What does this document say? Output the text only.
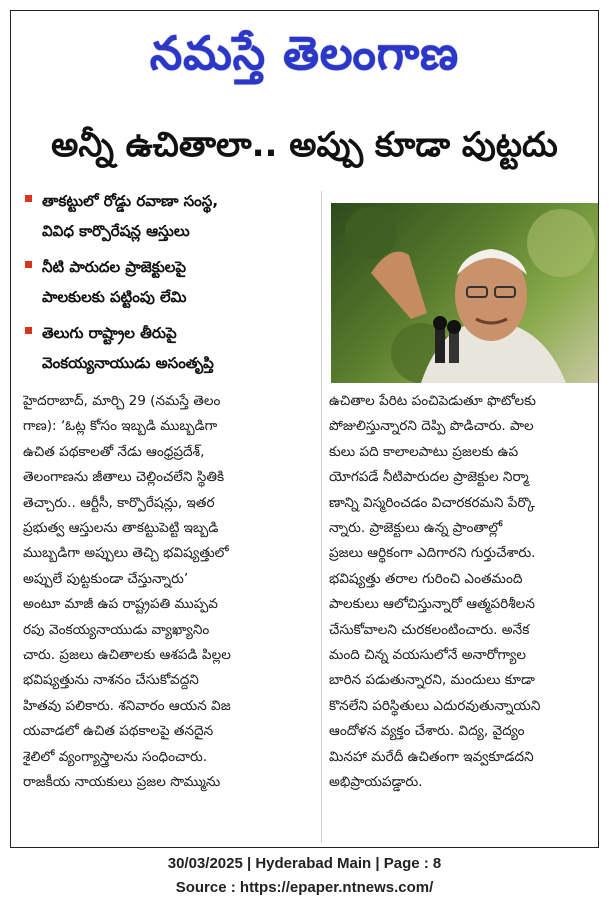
నమస్తే తెలంగాణ
అన్నీ ఉచితాలా.. అప్పు కూడా పుట్టదు
తాకట్టులో రోడ్డు రవాణా సంస్థ,
వివిధ కార్పొరేషన్ల ఆస్తులు
నీటి పారుదల ప్రాజెక్టులపై
పాలకులకు పట్టింపు లేమి
తెలుగు రాష్ట్రాల తీరుపై
వెంకయ్యనాయుడు అసంతృప్తి
హైదరాబాద్, మార్చి 29 (నమస్తే తెలం
గాణ): ‘ఓట్ల కోసం ఇబ్బడి ముబ్బడిగా
ఉచిత పథకాలతో నేడు ఆంధ్రప్రదేశ్,
తెలంగాణను జీతాలు చెల్లించలేని స్థితికి
తెచ్చారు.. ఆర్టీసీ, కార్పొరేషన్లు, ఇతర
ప్రభుత్వ ఆస్తులను తాకట్టుపెట్టి ఇబ్బడి
ముబ్బడిగా అప్పులు తెచ్చి భవిష్యత్తులో
అప్పులే పుట్టకుండా చేస్తున్నారు’
అంటూ మాజీ ఉప రాష్ట్రపతి ముప్పవ
రపు వెంకయ్యనాయుడు వ్యాఖ్యానిం
చారు. ప్రజలు ఉచితాలకు ఆశపడి పిల్లల
భవిష్యత్తును నాశనం చేసుకోవద్దని
హితవు పలికారు. శనివారం ఆయన విజ
యవాడలో ఉచిత పథకాలపై తనదైన
శైలిలో వ్యంగ్యాస్త్రాలను సంధించారు.
రాజకీయ నాయకులు ప్రజల సొమ్మును
ఉచితాల పేరిట పంచిపెడుతూ ఫొటోలకు
పోజులిస్తున్నారని దెప్పి పొడిచారు. పాల
కులు పది కాలాలపాటు ప్రజలకు ఉప
యోగపడే నీటిపారుదల ప్రాజెక్టుల నిర్మా
ణాన్ని విస్మరించడం విచారకరమని పేర్కొ
న్నారు. ప్రాజెక్టులు ఉన్న ప్రాంతాల్లో
ప్రజలు ఆర్థికంగా ఎదిగారని గుర్తుచేశారు.
భవిష్యత్తు తరాల గురించి ఎంతమంది
పాలకులు ఆలోచిస్తున్నారో ఆత్మపరిశీలన
చేసుకోవాలని చురకలంటించారు. అనేక
మంది చిన్న వయసులోనే అనారోగ్యాల
బారిన పడుతున్నారని, మందులు కూడా
కొనలేని పరిస్థితులు ఎదురవుతున్నాయని
ఆందోళన వ్యక్తం చేశారు. విద్య, వైద్యం
మినహా మరేదీ ఉచితంగా ఇవ్వకూడదని
అభిప్రాయపడ్డారు.
30/03/2025 | Hyderabad Main | Page : 8
Source : https://epaper.ntnews.com/
